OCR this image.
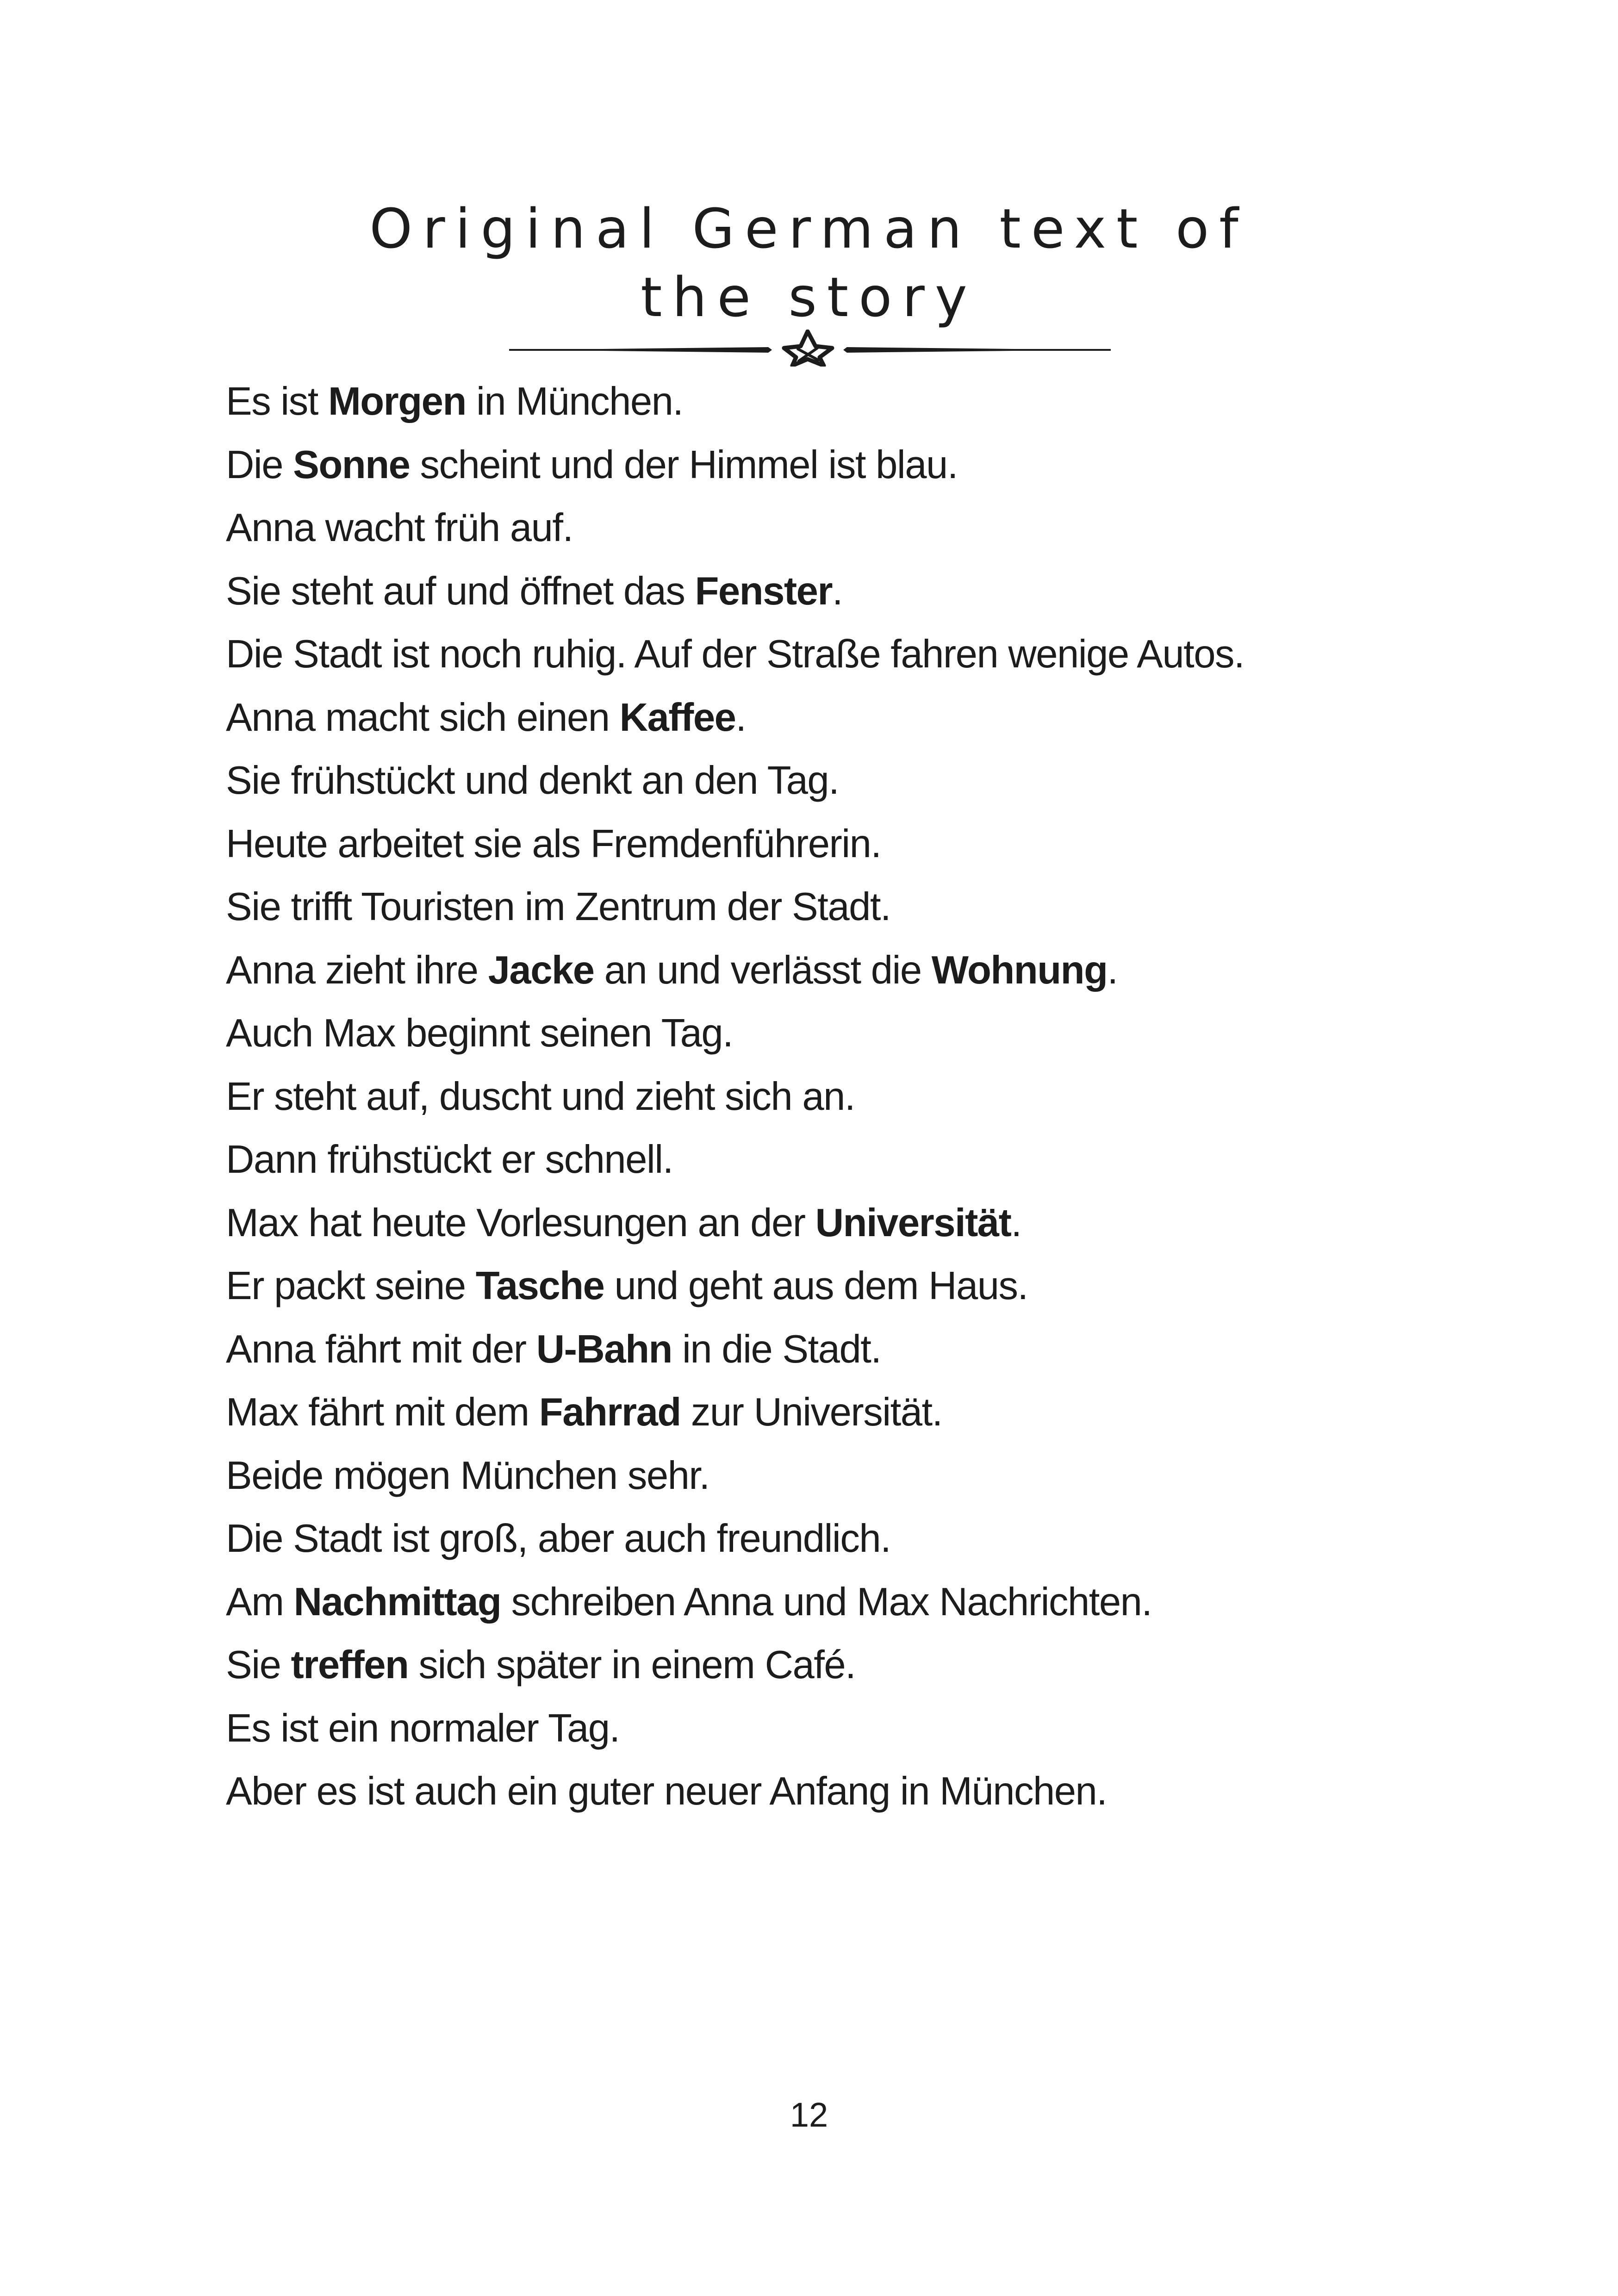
Original German text of
the story
Es ist Morgen in München.
Die Sonne scheint und der Himmel ist blau.
Anna wacht früh auf.
Sie steht auf und öffnet das Fenster.
Die Stadt ist noch ruhig. Auf der Straße fahren wenige Autos.
Anna macht sich einen Kaffee.
Sie frühstückt und denkt an den Tag.
Heute arbeitet sie als Fremdenführerin.
Sie trifft Touristen im Zentrum der Stadt.
Anna zieht ihre Jacke an und verlässt die Wohnung.
Auch Max beginnt seinen Tag.
Er steht auf, duscht und zieht sich an.
Dann frühstückt er schnell.
Max hat heute Vorlesungen an der Universität.
Er packt seine Tasche und geht aus dem Haus.
Anna fährt mit der U-Bahn in die Stadt.
Max fährt mit dem Fahrrad zur Universität.
Beide mögen München sehr.
Die Stadt ist groß, aber auch freundlich.
Am Nachmittag schreiben Anna und Max Nachrichten.
Sie treffen sich später in einem Café.
Es ist ein normaler Tag.
Aber es ist auch ein guter neuer Anfang in München.
12
